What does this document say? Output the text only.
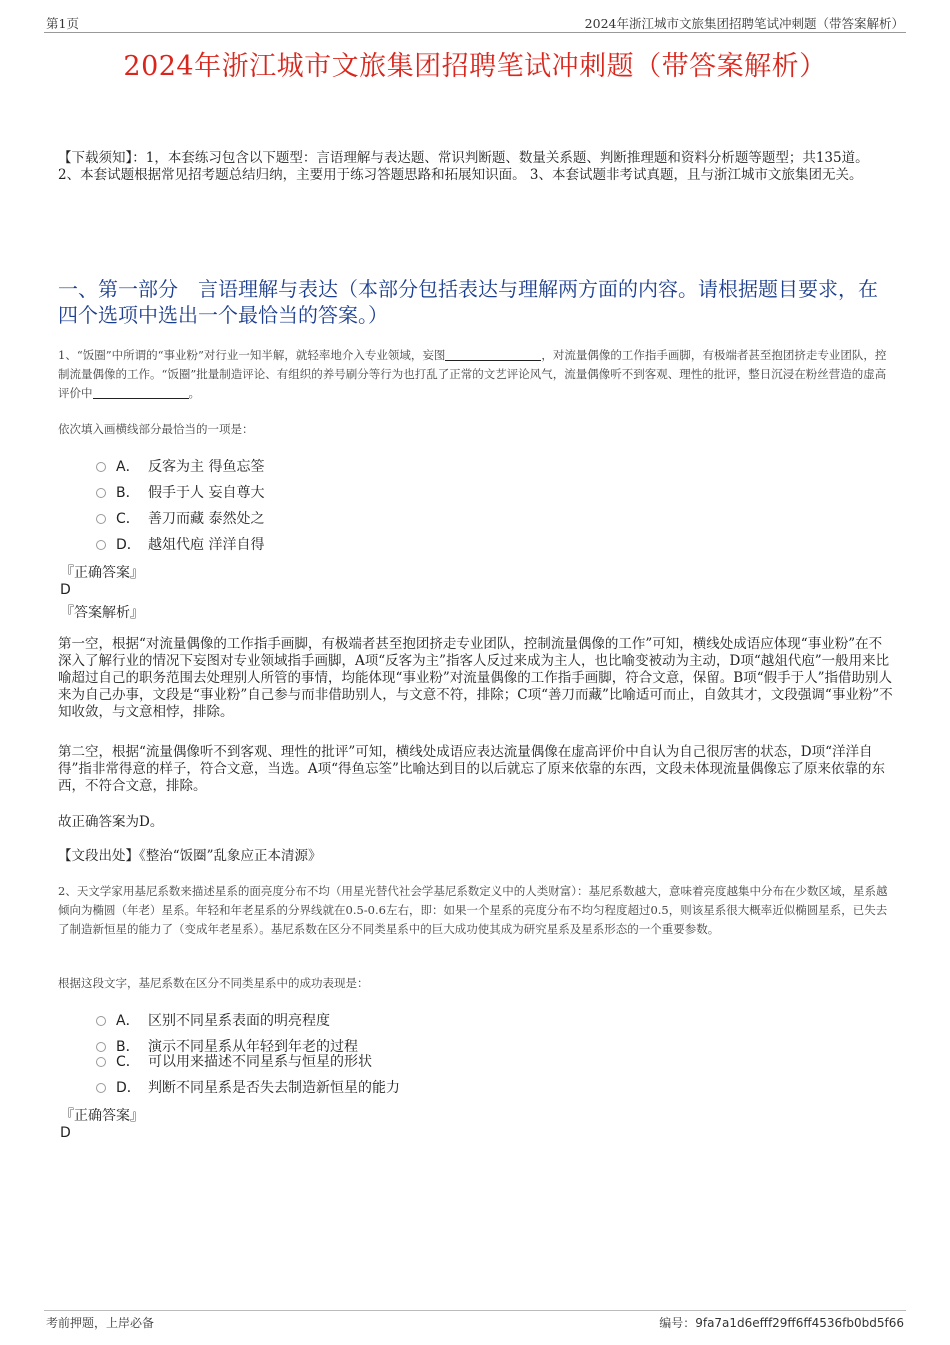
第1页	2024年浙江城市文旅集团招聘笔试冲刺题（带答案解析）
2024年浙江城市文旅集团招聘笔试冲刺题（带答案解析）
【下载须知】：1，本套练习包含以下题型：言语理解与表达题、常识判断题、数量关系题、判断推理题和资料分析题等题型；共135道。 2、本套试题根据常见招考题总结归纳，主要用于练习答题思路和拓展知识面。 3、本套试题非考试真题，且与浙江城市文旅集团无关。
一、第一部分　言语理解与表达（本部分包括表达与理解两方面的内容。请根据题目要求，在四个选项中选出一个最恰当的答案。）
1、“饭圈”中所谓的“事业粉”对行业一知半解，就轻率地介入专业领域，妄图	，对流量偶像的工作指手画脚，有极端者甚至抱团挤走专业团队，控制流量偶像的工作。“饭圈”批量制造评论、有组织的养号刷分等行为也打乱了正常的文艺评论风气，流量偶像听不到客观、理性的批评，整日沉浸在粉丝营造的虚高评价中	。
依次填入画横线部分最恰当的一项是：
A． 反客为主 得鱼忘筌
B． 假手于人 妄自尊大
C． 善刀而藏 泰然处之
D． 越俎代庖 洋洋自得
『正确答案』
D
『答案解析』
第一空，根据“对流量偶像的工作指手画脚，有极端者甚至抱团挤走专业团队，控制流量偶像的工作”可知，横线处成语应体现“事业粉”在不深入了解行业的情况下妄图对专业领域指手画脚，A项“反客为主”指客人反过来成为主人，也比喻变被动为主动，D项“越俎代庖”一般用来比喻超过自己的职务范围去处理别人所管的事情，均能体现“事业粉”对流量偶像的工作指手画脚，符合文意，保留。B项“假手于人”指借助别人来为自己办事，文段是“事业粉”自己参与而非借助别人，与文意不符，排除；C项“善刀而藏”比喻适可而止，自敛其才，文段强调“事业粉”不知收敛，与文意相悖，排除。
第二空，根据“流量偶像听不到客观、理性的批评”可知，横线处成语应表达流量偶像在虚高评价中自认为自己很厉害的状态，D项“洋洋自得”指非常得意的样子，符合文意，当选。A项“得鱼忘筌”比喻达到目的以后就忘了原来依靠的东西，文段未体现流量偶像忘了原来依靠的东西，不符合文意，排除。
故正确答案为D。
【文段出处】《整治“饭圈”乱象应正本清源》
2、天文学家用基尼系数来描述星系的面亮度分布不均（用星光替代社会学基尼系数定义中的人类财富）：基尼系数越大，意味着亮度越集中分布在少数区域，星系越倾向为椭圆（年老）星系。年轻和年老星系的分界线就在0.5-0.6左右，即：如果一个星系的亮度分布不均匀程度超过0.5，则该星系很大概率近似椭圆星系，已失去了制造新恒星的能力了（变成年老星系）。基尼系数在区分不同类星系中的巨大成功使其成为研究星系及星系形态的一个重要参数。
根据这段文字，基尼系数在区分不同类星系中的成功表现是：
A． 区别不同星系表面的明亮程度
B． 演示不同星系从年轻到年老的过程
C． 可以用来描述不同星系与恒星的形状
D． 判断不同星系是否失去制造新恒星的能力
『正确答案』
D
考前押题，上岸必备	编号：9fa7a1d6efff29ff6ff4536fb0bd5f66
